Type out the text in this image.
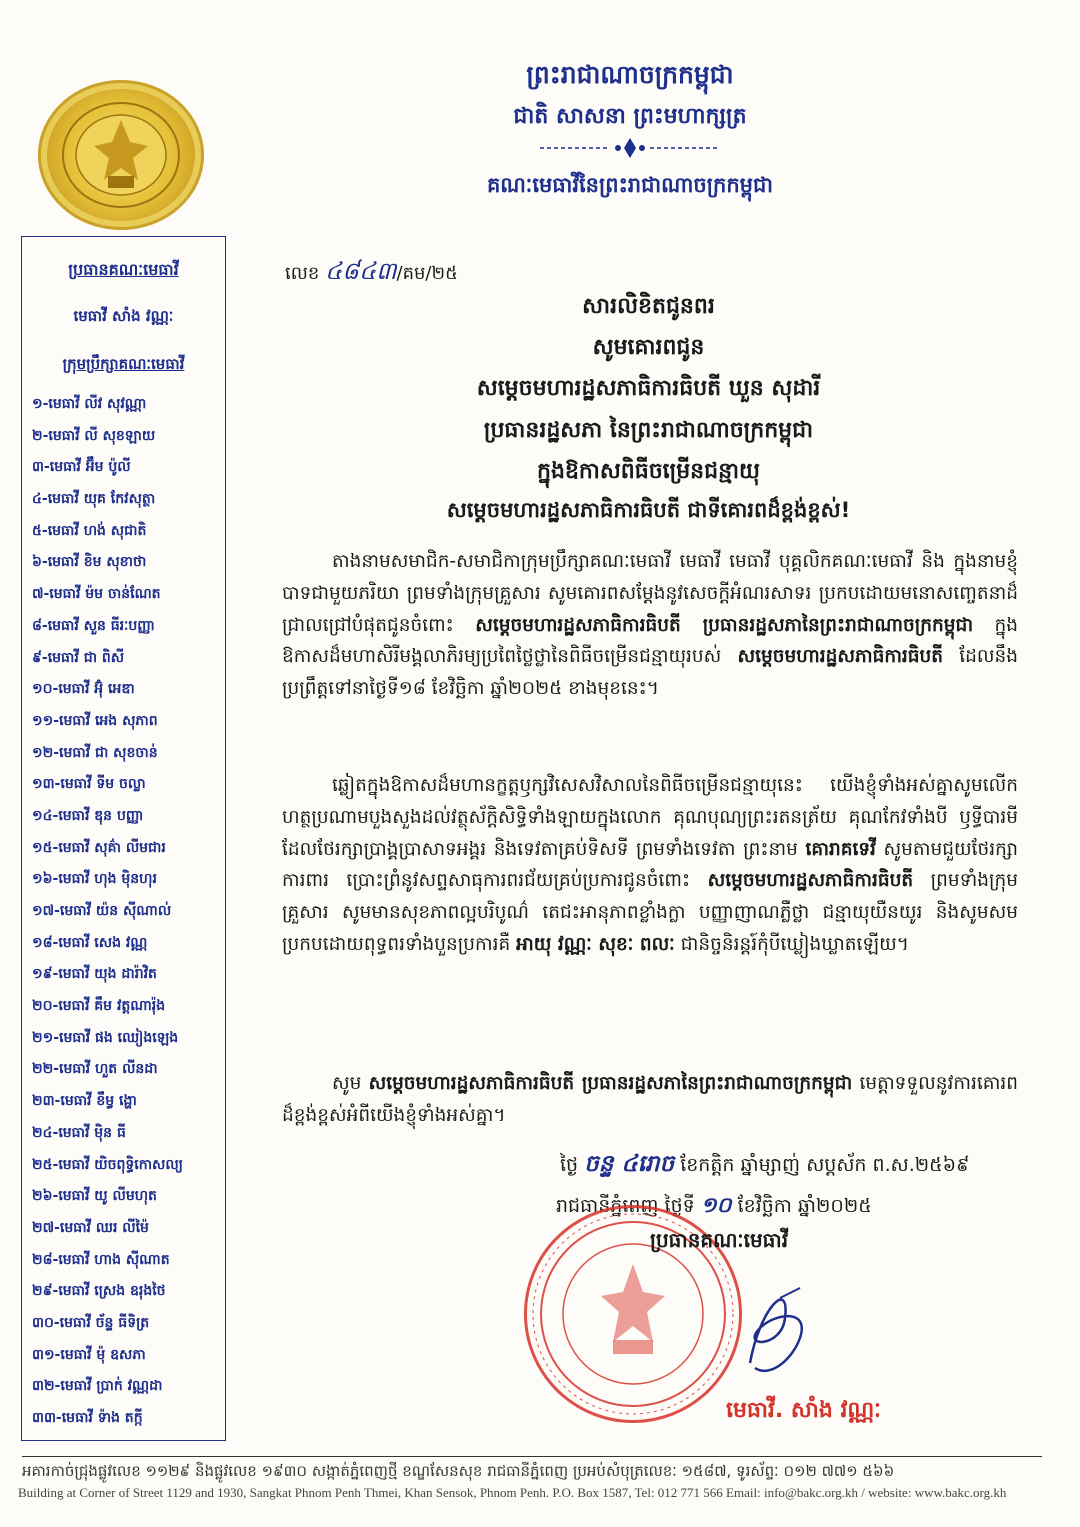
ព្រះរាជាណាចក្រកម្ពុជា
ជាតិ សាសនា ព្រះមហាក្សត្រ
គណៈមេធាវីនៃព្រះរាជាណាចក្រកម្ពុជា
ប្រធានគណៈមេធាវី
មេធាវី សាំង វណ្ណៈ
ក្រុមប្រឹក្សាគណៈមេធាវី
១-មេធាវី លីវ សុវណ្ណា
២-មេធាវី លី សុខឡាយ
៣-មេធាវី អ៊ឹម ប៉ូលី
៤-មេធាវី យុគ កែវសុត្ថា
៥-មេធាវី ហង់ សុជាតិ
៦-មេធាវី ខិម សុខាថា
៧-មេធាវី ម៉ម ចាន់ណែត
៨-មេធាវី សួន ធីរៈបញ្ញា
៩-មេធាវី ជា ពិសី
១០-មេធាវី អ៊ុំ អេឌា
១១-មេធាវី អេង សុភាព
១២-មេធាវី ជា សុខចាន់
១៣-មេធាវី ទីម ចល្លា
១៤-មេធាវី ឌុន បញ្ញា
១៥-មេធាវី សុគ៌ា លីមជារ
១៦-មេធាវី ហុង ម៉ិនហុរ
១៧-មេធាវី យ៉ន ស៊ីណាល់
១៨-មេធាវី សេង វណ្ណ
១៩-មេធាវី យុង ដារ៉ាវិត
២០-មេធាវី គឹម វត្តណារ៉ុង
២១-មេធាវី ផង ឈៀងឡេង
២២-មេធាវី ហួត លីនដា
២៣-មេធាវី ខឹម្វ ង្ហោ
២៤-មេធាវី ម៉ិន ធី
២៥-មេធាវី យិចពុទ្ធិកោសល្យ
២៦-មេធាវី យូ លីមហុត
២៧-មេធាវី ឈរ លីម៉ៃ
២៨-មេធាវី ហាង ស៊ីណាត
២៩-មេធាវី ស្រេង ឧរុងថៃ
៣០-មេធាវី ច័ន្ទ ធីទិត្រ
៣១-មេធាវី ម៉ុ ឧសភា
៣២-មេធាវី ប្រាក់ វណ្ណដា
៣៣-មេធាវី ទ៉ាង តក្កី
លេខ ៤៨៤៣/គម/២៥
សារលិខិតជូនពរ
សូមគោរពជូន
សម្តេចមហារដ្ឋសភាធិការធិបតី ឃួន សុដារី
ប្រធានរដ្ឋសភា នៃព្រះរាជាណាចក្រកម្ពុជា
ក្នុងឱកាសពិធីចម្រើនជន្មាយុ
សម្តេចមហារដ្ឋសភាធិការធិបតី ជាទីគោរពដ៏ខ្ពង់ខ្ពស់!

តាងនាមសមាជិក-សមាជិកាក្រុមប្រឹក្សាគណៈមេធាវី មេធាវី មេធាវី បុគ្គលិកគណៈមេធាវី និង ក្នុងនាមខ្ញុំបាទជាមួយភរិយា ព្រមទាំងក្រុមគ្រួសារ សូមគោរពសម្តែងនូវសេចក្តីអំណរសាទរ ប្រកបដោយមនោសញ្ចេតនាដ៏ជ្រាលជ្រៅបំផុតជូនចំពោះ សម្តេចមហារដ្ឋសភាធិការធិបតី ប្រធានរដ្ឋសភានៃព្រះរាជាណាចក្រកម្ពុជា ក្នុងឱកាសដ៏មហាសិរីមង្គលាភិរម្យប្រពៃថ្លៃថ្លានៃពិធីចម្រើនជន្មាយុរបស់ សម្តេចមហារដ្ឋសភាធិការធិបតី ដែលនឹងប្រព្រឹត្តទៅនាថ្ងៃទី១៨ ខែវិច្ឆិកា ឆ្នាំ២០២៥ ខាងមុខនេះ។

ឆ្លៀតក្នុងឱកាសដ៏មហានក្ខត្តឫក្សវិសេសវិសាលនៃពិធីចម្រើនជន្មាយុនេះ យើងខ្ញុំទាំងអស់គ្នាសូមលើកហត្ថប្រណាមបួងសួងដល់វត្ថុស័ក្តិសិទ្ធិទាំងឡាយក្នុងលោក គុណបុណ្យព្រះរតនត្រ័យ គុណកែវទាំងបី ឫទ្ធីបារមីដែលថែរក្សាប្រាង្គប្រាសាទអង្គរ និងទេវតាគ្រប់ទិសទី ព្រមទាំងទេវតា ព្រះនាម គោរាគទេវី សូមតាមជួយថែរក្សា ការពារ ប្រោះព្រំនូវសព្ទសាធុការពរជ័យគ្រប់ប្រការជូនចំពោះ សម្តេចមហារដ្ឋសភាធិការធិបតី ព្រមទាំងក្រុមគ្រួសារ សូមមានសុខភាពល្អបរិបូណ៌ តេជះអានុភាពខ្លាំងក្លា បញ្ញាញាណភ្លឺថ្លា ជន្មាយុយឺនយូរ និងសូមសមប្រកបដោយពុទ្ធពរទាំងបួនប្រការគឺ អាយុ វណ្ណៈ សុខៈ ពលៈ ជានិច្ចនិរន្តរ៍កុំបីឃ្លៀងឃ្លាតឡើយ។

សូម សម្តេចមហារដ្ឋសភាធិការធិបតី ប្រធានរដ្ឋសភានៃព្រះរាជាណាចក្រកម្ពុជា មេត្តាទទួលនូវការគោរពដ៏ខ្ពង់ខ្ពស់អំពីយើងខ្ញុំទាំងអស់គ្នា។

ថ្ងៃ ចន្ទ ៤រោច ខែកត្តិក ឆ្នាំម្សាញ់ សប្តស័ក ព.ស.២៥៦៩
រាជធានីភ្នំពេញ ថ្ងៃទី ១០ ខែវិច្ឆិកា ឆ្នាំ២០២៥
ប្រធានគណៈមេធាវី
មេធាវី. សាំង វណ្ណៈ
អគារកាច់ជ្រុងផ្លូវលេខ ១១២៩ និងផ្លូវលេខ ១៩៣០ សង្កាត់ភ្នំពេញថ្មី ខណ្ឌសែនសុខ រាជធានីភ្នំពេញ ប្រអប់សំបុត្រលេខៈ ១៥៨៧, ទូរស័ព្ទៈ ០១២ ៧៧១ ៥៦៦
Building at Corner of Street 1129 and 1930, Sangkat Phnom Penh Thmei, Khan Sensok, Phnom Penh. P.O. Box 1587, Tel: 012 771 566 Email: info@bakc.org.kh / website: www.bakc.org.kh
